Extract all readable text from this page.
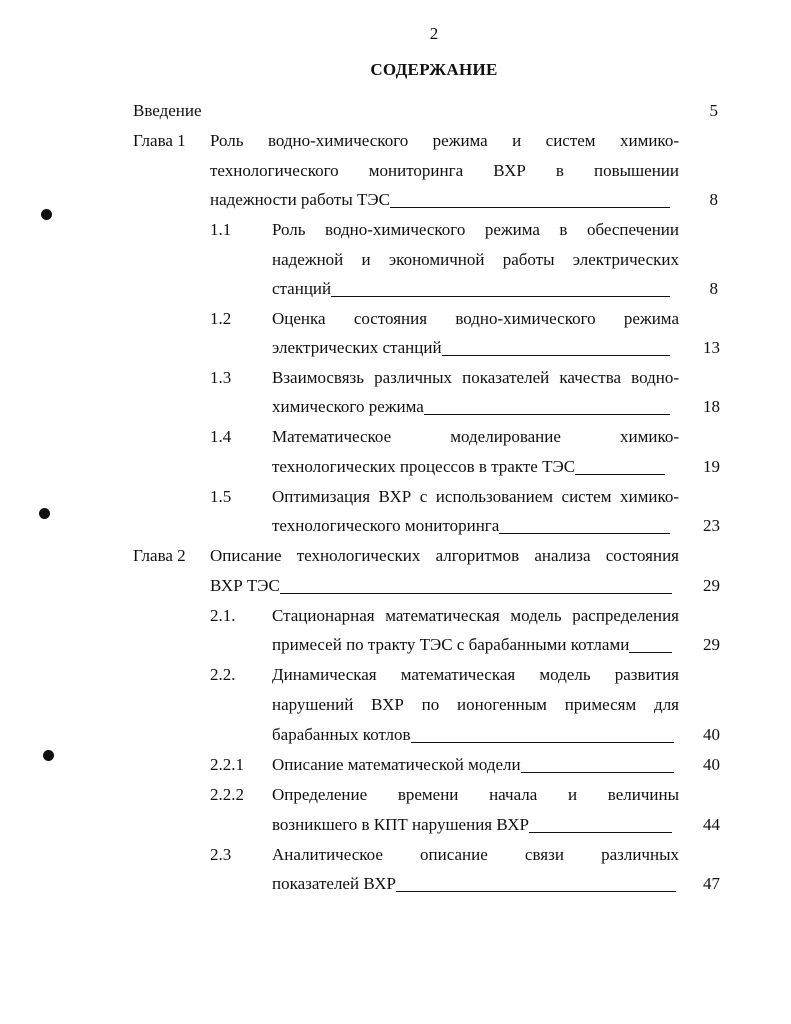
2
СОДЕРЖАНИЕ
Введение	5
Глава 1 Роль водно-химического режима и систем химико-
технологического мониторинга ВХР в повышении
надежности работы ТЭС	8
1.1 Роль водно-химического режима в обеспечении
надежной и экономичной работы электрических
станций	8
1.2 Оценка состояния водно-химического режима
электрических станций	13
1.3 Взаимосвязь различных показателей качества водно-
химического режима	18
1.4 Математическое моделирование химико-
технологических процессов в тракте ТЭС	19
1.5 Оптимизация ВХР с использованием систем химико-
технологического мониторинга	23
Глава 2 Описание технологических алгоритмов анализа состояния
ВХР ТЭС	29
2.1. Стационарная математическая модель распределения
примесей по тракту ТЭС с барабанными котлами	29
2.2. Динамическая математическая модель развития
нарушений ВХР по ионогенным примесям для
барабанных котлов	40
2.2.1 Описание математической модели	40
2.2.2 Определение времени начала и величины
возникшего в КПТ нарушения ВХР	44
2.3 Аналитическое описание связи различных
показателей ВХР	47
